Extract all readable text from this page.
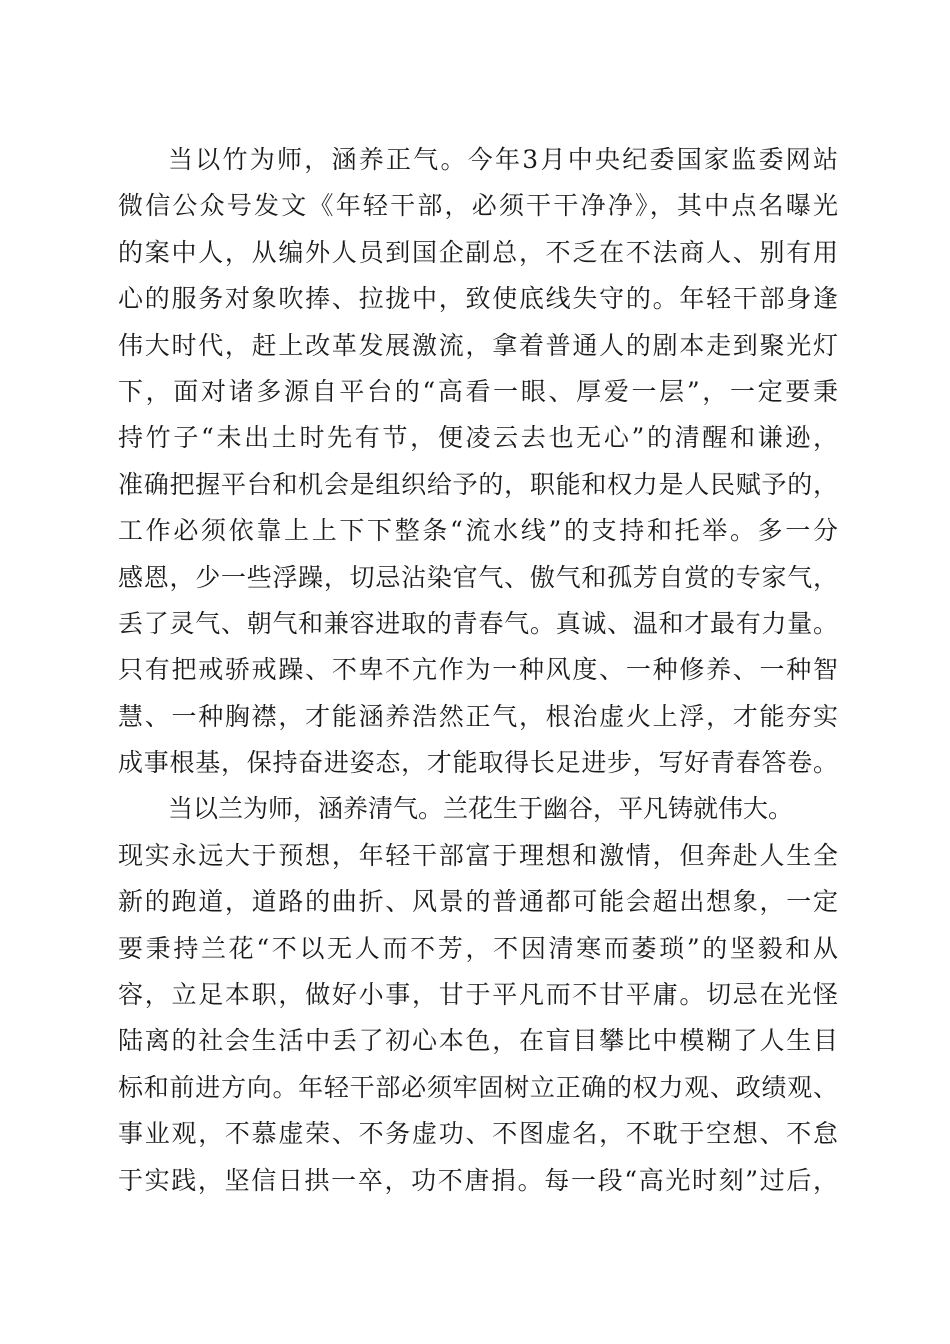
当以竹为师，涵养正气。今年3月中央纪委国家监委网站
微信公众号发文《年轻干部，必须干干净净》，其中点名曝光
的案中人，从编外人员到国企副总，不乏在不法商人、别有用
心的服务对象吹捧、拉拢中，致使底线失守的。年轻干部身逢
伟大时代，赶上改革发展激流，拿着普通人的剧本走到聚光灯
下，面对诸多源自平台的“高看一眼、厚爱一层”，一定要秉
持竹子“未出土时先有节，便凌云去也无心”的清醒和谦逊，
准确把握平台和机会是组织给予的，职能和权力是人民赋予的，
工作必须依靠上上下下整条“流水线”的支持和托举。多一分
感恩，少一些浮躁，切忌沾染官气、傲气和孤芳自赏的专家气，
丢了灵气、朝气和兼容进取的青春气。真诚、温和才最有力量。
只有把戒骄戒躁、不卑不亢作为一种风度、一种修养、一种智
慧、一种胸襟，才能涵养浩然正气，根治虚火上浮，才能夯实
成事根基，保持奋进姿态，才能取得长足进步，写好青春答卷。
当以兰为师，涵养清气。兰花生于幽谷，平凡铸就伟大。
现实永远大于预想，年轻干部富于理想和激情，但奔赴人生全
新的跑道，道路的曲折、风景的普通都可能会超出想象，一定
要秉持兰花“不以无人而不芳，不因清寒而萎琐”的坚毅和从
容，立足本职，做好小事，甘于平凡而不甘平庸。切忌在光怪
陆离的社会生活中丢了初心本色，在盲目攀比中模糊了人生目
标和前进方向。年轻干部必须牢固树立正确的权力观、政绩观、
事业观，不慕虚荣、不务虚功、不图虚名，不耽于空想、不怠
于实践，坚信日拱一卒，功不唐捐。每一段“高光时刻”过后，
